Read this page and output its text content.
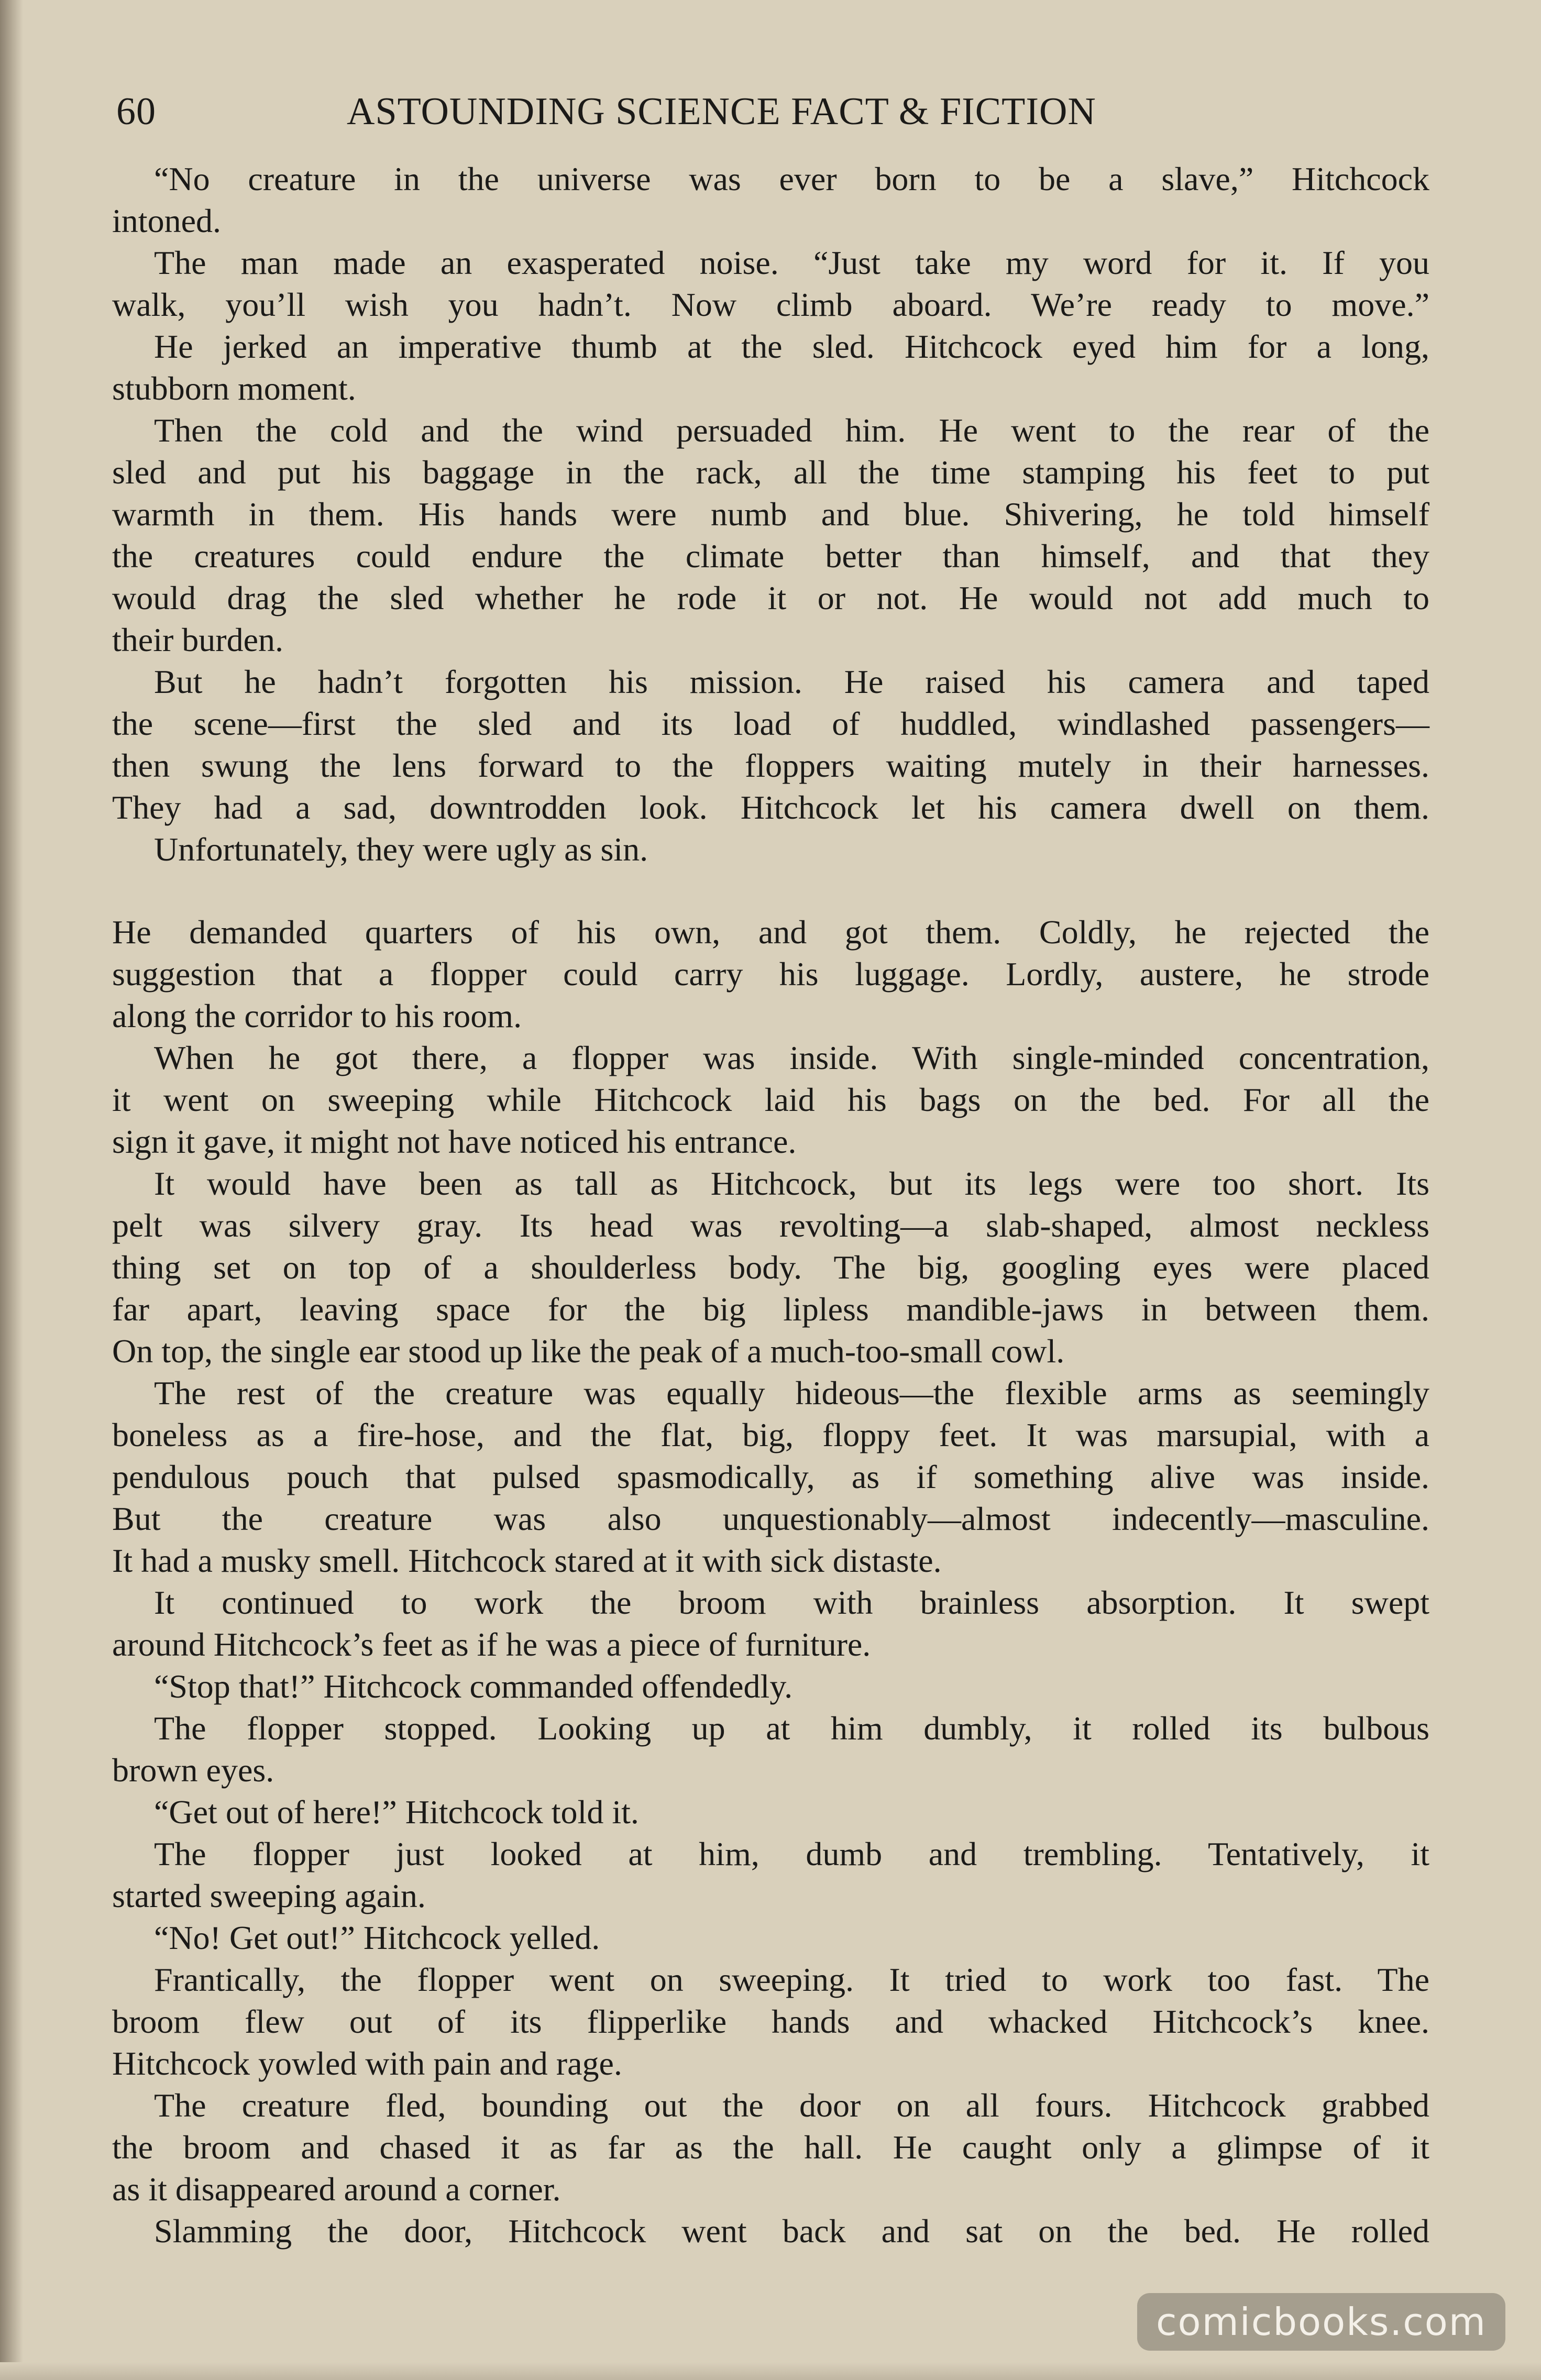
60	ASTOUNDING SCIENCE FACT & FICTION
“No creature in the universe was ever born to be a slave,” Hitchcock
intoned.
The man made an exasperated noise. “Just take my word for it. If you
walk, you’ll wish you hadn’t. Now climb aboard. We’re ready to move.”
He jerked an imperative thumb at the sled. Hitchcock eyed him for a long,
stubborn moment.
Then the cold and the wind persuaded him. He went to the rear of the
sled and put his baggage in the rack, all the time stamping his feet to put
warmth in them. His hands were numb and blue. Shivering, he told himself
the creatures could endure the climate better than himself, and that they
would drag the sled whether he rode it or not. He would not add much to
their burden.
But he hadn’t forgotten his mission. He raised his camera and taped
the scene—first the sled and its load of huddled, windlashed passengers—
then swung the lens forward to the floppers waiting mutely in their harnesses.
They had a sad, downtrodden look. Hitchcock let his camera dwell on them.
Unfortunately, they were ugly as sin.
He demanded quarters of his own, and got them. Coldly, he rejected the
suggestion that a flopper could carry his luggage. Lordly, austere, he strode
along the corridor to his room.
When he got there, a flopper was inside. With single-minded concentration,
it went on sweeping while Hitchcock laid his bags on the bed. For all the
sign it gave, it might not have noticed his entrance.
It would have been as tall as Hitchcock, but its legs were too short. Its
pelt was silvery gray. Its head was revolting—a slab-shaped, almost neckless
thing set on top of a shoulderless body. The big, googling eyes were placed
far apart, leaving space for the big lipless mandible-jaws in between them.
On top, the single ear stood up like the peak of a much-too-small cowl.
The rest of the creature was equally hideous—the flexible arms as seemingly
boneless as a fire-hose, and the flat, big, floppy feet. It was marsupial, with a
pendulous pouch that pulsed spasmodically, as if something alive was inside.
But the creature was also unquestionably—almost indecently—masculine.
It had a musky smell. Hitchcock stared at it with sick distaste.
It continued to work the broom with brainless absorption. It swept
around Hitchcock’s feet as if he was a piece of furniture.
“Stop that!” Hitchcock commanded offendedly.
The flopper stopped. Looking up at him dumbly, it rolled its bulbous
brown eyes.
“Get out of here!” Hitchcock told it.
The flopper just looked at him, dumb and trembling. Tentatively, it
started sweeping again.
“No! Get out!” Hitchcock yelled.
Frantically, the flopper went on sweeping. It tried to work too fast. The
broom flew out of its flipperlike hands and whacked Hitchcock’s knee.
Hitchcock yowled with pain and rage.
The creature fled, bounding out the door on all fours. Hitchcock grabbed
the broom and chased it as far as the hall. He caught only a glimpse of it
as it disappeared around a corner.
Slamming the door, Hitchcock went back and sat on the bed. He rolled
comicbooks.com
